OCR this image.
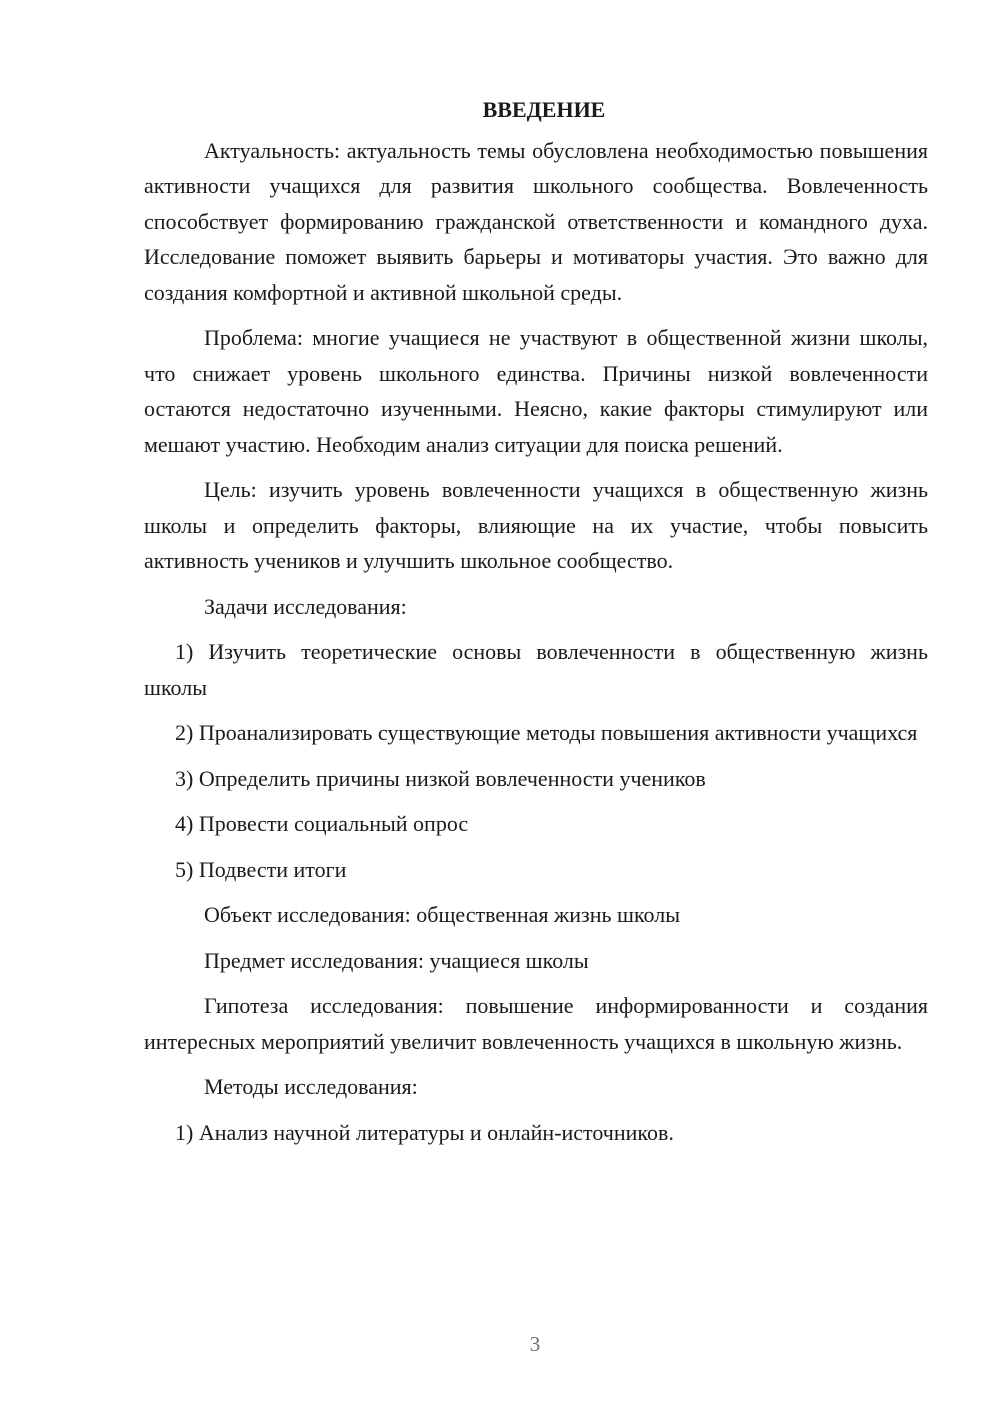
ВВЕДЕНИЕ

Актуальность: актуальность темы обусловлена необходимостью повышения активности учащихся для развития школьного сообщества. Вовлеченность способствует формированию гражданской ответственности и командного духа. Исследование поможет выявить барьеры и мотиваторы участия. Это важно для создания комфортной и активной школьной среды.

Проблема: многие учащиеся не участвуют в общественной жизни школы, что снижает уровень школьного единства. Причины низкой вовлеченности остаются недостаточно изученными. Неясно, какие факторы стимулируют или мешают участию. Необходим анализ ситуации для поиска решений.

Цель: изучить уровень вовлеченности учащихся в общественную жизнь школы и определить факторы, влияющие на их участие, чтобы повысить активность учеников и улучшить школьное сообщество.

Задачи исследования:

1) Изучить теоретические основы вовлеченности в общественную жизнь школы

2) Проанализировать существующие методы повышения активности учащихся

3) Определить причины низкой вовлеченности учеников

4) Провести социальный опрос

5) Подвести итоги

Объект исследования: общественная жизнь школы

Предмет исследования: учащиеся школы

Гипотеза исследования: повышение информированности и создания интересных мероприятий увеличит вовлеченность учащихся в школьную жизнь.

Методы исследования:

1) Анализ научной литературы и онлайн-источников.

3
